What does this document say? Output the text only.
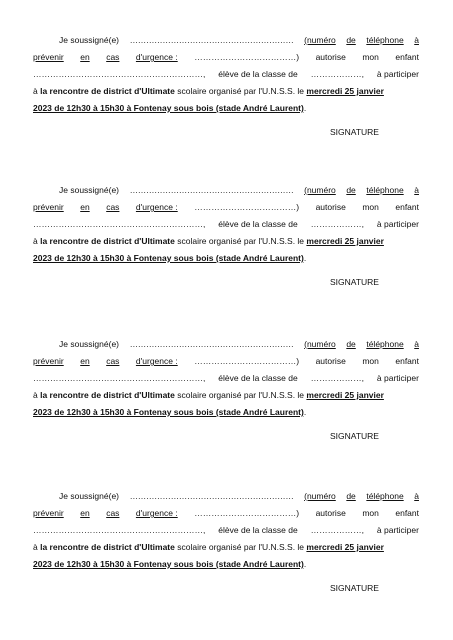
Je soussigné(e) …………………………………………………… (numéro de téléphone à
prévenir en cas d'urgence : ………………………………) autorise mon enfant
……………………………………………………, élève de la classe de ………………, à participer
à la rencontre de district d'Ultimate scolaire organisé par l'U.N.S.S. le mercredi 25 janvier
2023 de 12h30 à 15h30 à Fontenay sous bois (stade André Laurent).
SIGNATURE
Je soussigné(e) …………………………………………………… (numéro de téléphone à
prévenir en cas d'urgence : ………………………………) autorise mon enfant
……………………………………………………, élève de la classe de ………………, à participer
à la rencontre de district d'Ultimate scolaire organisé par l'U.N.S.S. le mercredi 25 janvier
2023 de 12h30 à 15h30 à Fontenay sous bois (stade André Laurent).
SIGNATURE
Je soussigné(e) …………………………………………………… (numéro de téléphone à
prévenir en cas d'urgence : ………………………………) autorise mon enfant
……………………………………………………, élève de la classe de ………………, à participer
à la rencontre de district d'Ultimate scolaire organisé par l'U.N.S.S. le mercredi 25 janvier
2023 de 12h30 à 15h30 à Fontenay sous bois (stade André Laurent).
SIGNATURE
Je soussigné(e) …………………………………………………… (numéro de téléphone à
prévenir en cas d'urgence : ………………………………) autorise mon enfant
……………………………………………………, élève de la classe de ………………, à participer
à la rencontre de district d'Ultimate scolaire organisé par l'U.N.S.S. le mercredi 25 janvier
2023 de 12h30 à 15h30 à Fontenay sous bois (stade André Laurent).
SIGNATURE
